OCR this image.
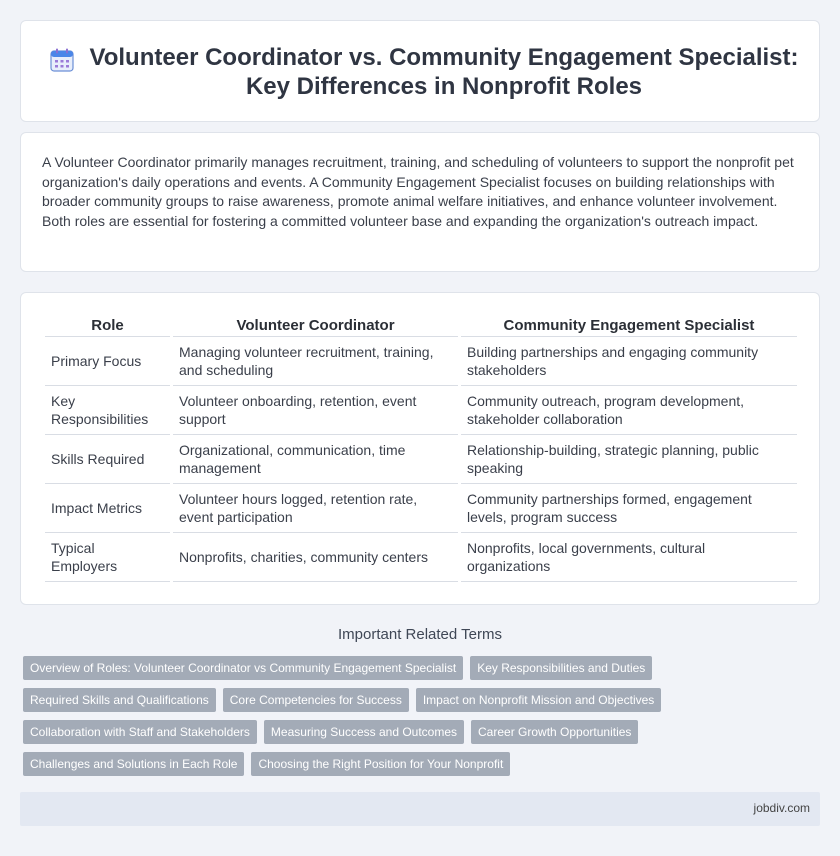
Volunteer Coordinator vs. Community Engagement Specialist: Key Differences in Nonprofit Roles

A Volunteer Coordinator primarily manages recruitment, training, and scheduling of volunteers to support the nonprofit pet organization's daily operations and events. A Community Engagement Specialist focuses on building relationships with broader community groups to raise awareness, promote animal welfare initiatives, and enhance volunteer involvement. Both roles are essential for fostering a committed volunteer base and expanding the organization's outreach impact.

Role	Volunteer Coordinator	Community Engagement Specialist
Primary Focus	Managing volunteer recruitment, training, and scheduling	Building partnerships and engaging community stakeholders
Key Responsibilities	Volunteer onboarding, retention, event support	Community outreach, program development, stakeholder collaboration
Skills Required	Organizational, communication, time management	Relationship-building, strategic planning, public speaking
Impact Metrics	Volunteer hours logged, retention rate, event participation	Community partnerships formed, engagement levels, program success
Typical Employers	Nonprofits, charities, community centers	Nonprofits, local governments, cultural organizations
Important Related Terms
Overview of Roles: Volunteer Coordinator vs Community Engagement Specialist	Key Responsibilities and Duties
Required Skills and Qualifications	Core Competencies for Success	Impact on Nonprofit Mission and Objectives
Collaboration with Staff and Stakeholders	Measuring Success and Outcomes	Career Growth Opportunities
Challenges and Solutions in Each Role	Choosing the Right Position for Your Nonprofit
jobdiv.com
